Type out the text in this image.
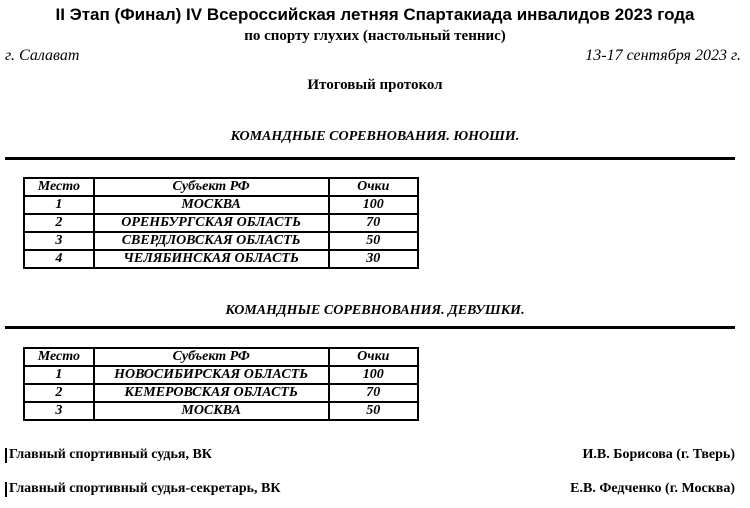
II Этап (Финал) IV Всероссийская летняя Спартакиада инвалидов 2023 года
по спорту глухих (настольный теннис)
г. Салават	13-17 сентября 2023 г.
Итоговый протокол
КОМАНДНЫЕ СОРЕВНОВАНИЯ. ЮНОШИ.
Место	Субъект РФ	Очки
1	МОСКВА	100
2	ОРЕНБУРГСКАЯ ОБЛАСТЬ	70
3	СВЕРДЛОВСКАЯ ОБЛАСТЬ	50
4	ЧЕЛЯБИНСКАЯ ОБЛАСТЬ	30
КОМАНДНЫЕ СОРЕВНОВАНИЯ. ДЕВУШКИ.
Место	Субъект РФ	Очки
1	НОВОСИБИРСКАЯ ОБЛАСТЬ	100
2	КЕМЕРОВСКАЯ ОБЛАСТЬ	70
3	МОСКВА	50
Главный спортивный судья, ВК	И.В. Борисова (г. Тверь)
Главный спортивный судья-секретарь, ВК	Е.В. Федченко (г. Москва)
